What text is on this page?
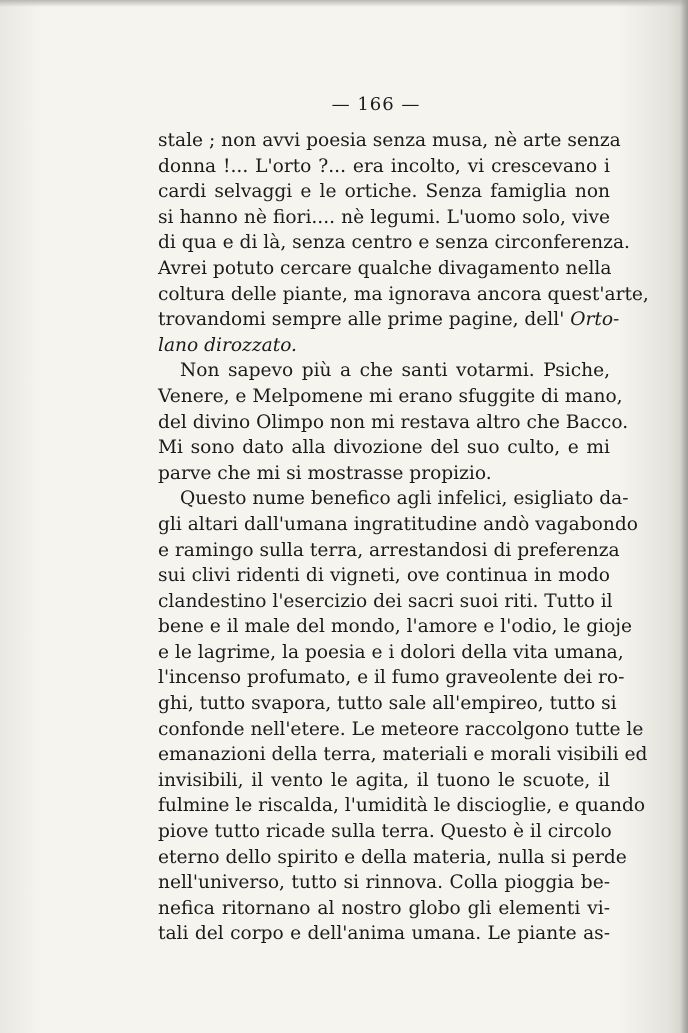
— 166 —
stale ; non avvi poesia senza musa, nè arte senza
donna !... L'orto ?... era incolto, vi crescevano i
cardi selvaggi e le ortiche. Senza famiglia non
si hanno nè fiori.... nè legumi. L'uomo solo, vive
di qua e di là, senza centro e senza circonferenza.
Avrei potuto cercare qualche divagamento nella
coltura delle piante, ma ignorava ancora quest'arte,
trovandomi sempre alle prime pagine, dell' Orto-
lano dirozzato.
Non sapevo più a che santi votarmi. Psiche,
Venere, e Melpomene mi erano sfuggite di mano,
del divino Olimpo non mi restava altro che Bacco.
Mi sono dato alla divozione del suo culto, e mi
parve che mi si mostrasse propizio.
Questo nume benefico agli infelici, esigliato da-
gli altari dall'umana ingratitudine andò vagabondo
e ramingo sulla terra, arrestandosi di preferenza
sui clivi ridenti di vigneti, ove continua in modo
clandestino l'esercizio dei sacri suoi riti. Tutto il
bene e il male del mondo, l'amore e l'odio, le gioje
e le lagrime, la poesia e i dolori della vita umana,
l'incenso profumato, e il fumo graveolente dei ro-
ghi, tutto svapora, tutto sale all'empireo, tutto si
confonde nell'etere. Le meteore raccolgono tutte le
emanazioni della terra, materiali e morali visibili ed
invisibili, il vento le agita, il tuono le scuote, il
fulmine le riscalda, l'umidità le discioglie, e quando
piove tutto ricade sulla terra. Questo è il circolo
eterno dello spirito e della materia, nulla si perde
nell'universo, tutto si rinnova. Colla pioggia be-
nefica ritornano al nostro globo gli elementi vi-
tali del corpo e dell'anima umana. Le piante as-
